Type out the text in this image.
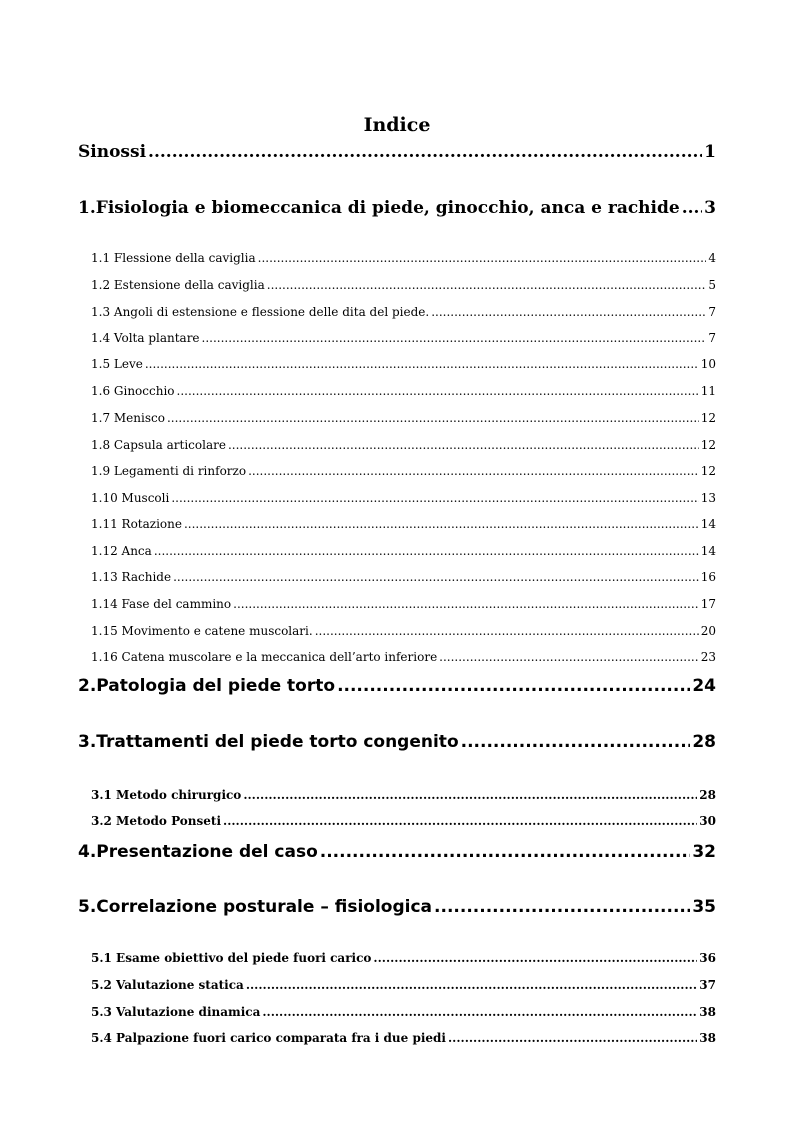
Indice
Sinossi .....	1
1. Fisiologia e biomeccanica di piede, ginocchio, anca e rachide ..... 3
1.1 Flessione della caviglia .....	4
1.2 Estensione della caviglia .....	5
1.3 Angoli di estensione e flessione delle dita del piede. .....	7
1.4 Volta plantare .....	7
1.5 Leve .....	10
1.6 Ginocchio .....	11
1.7 Menisco .....	12
1.8 Capsula articolare .....	12
1.9 Legamenti di rinforzo .....	12
1.10 Muscoli .....	13
1.11 Rotazione .....	14
1.12 Anca .....	14
1.13 Rachide .....	16
1.14 Fase del cammino .....	17
1.15 Movimento e catene muscolari. .....	20
1.16 Catena muscolare e la meccanica dell’arto inferiore .....	23
2. Patologia del piede torto .....	24
3. Trattamenti del piede torto congenito .....	28
3.1 Metodo chirurgico .....	28
3.2 Metodo Ponseti .....	30
4. Presentazione del caso .....	32
5. Correlazione posturale – fisiologica .....	35
5.1 Esame obiettivo del piede fuori carico .....	36
5.2 Valutazione statica .....	37
5.3 Valutazione dinamica .....	38
5.4 Palpazione fuori carico comparata fra i due piedi .....	38
